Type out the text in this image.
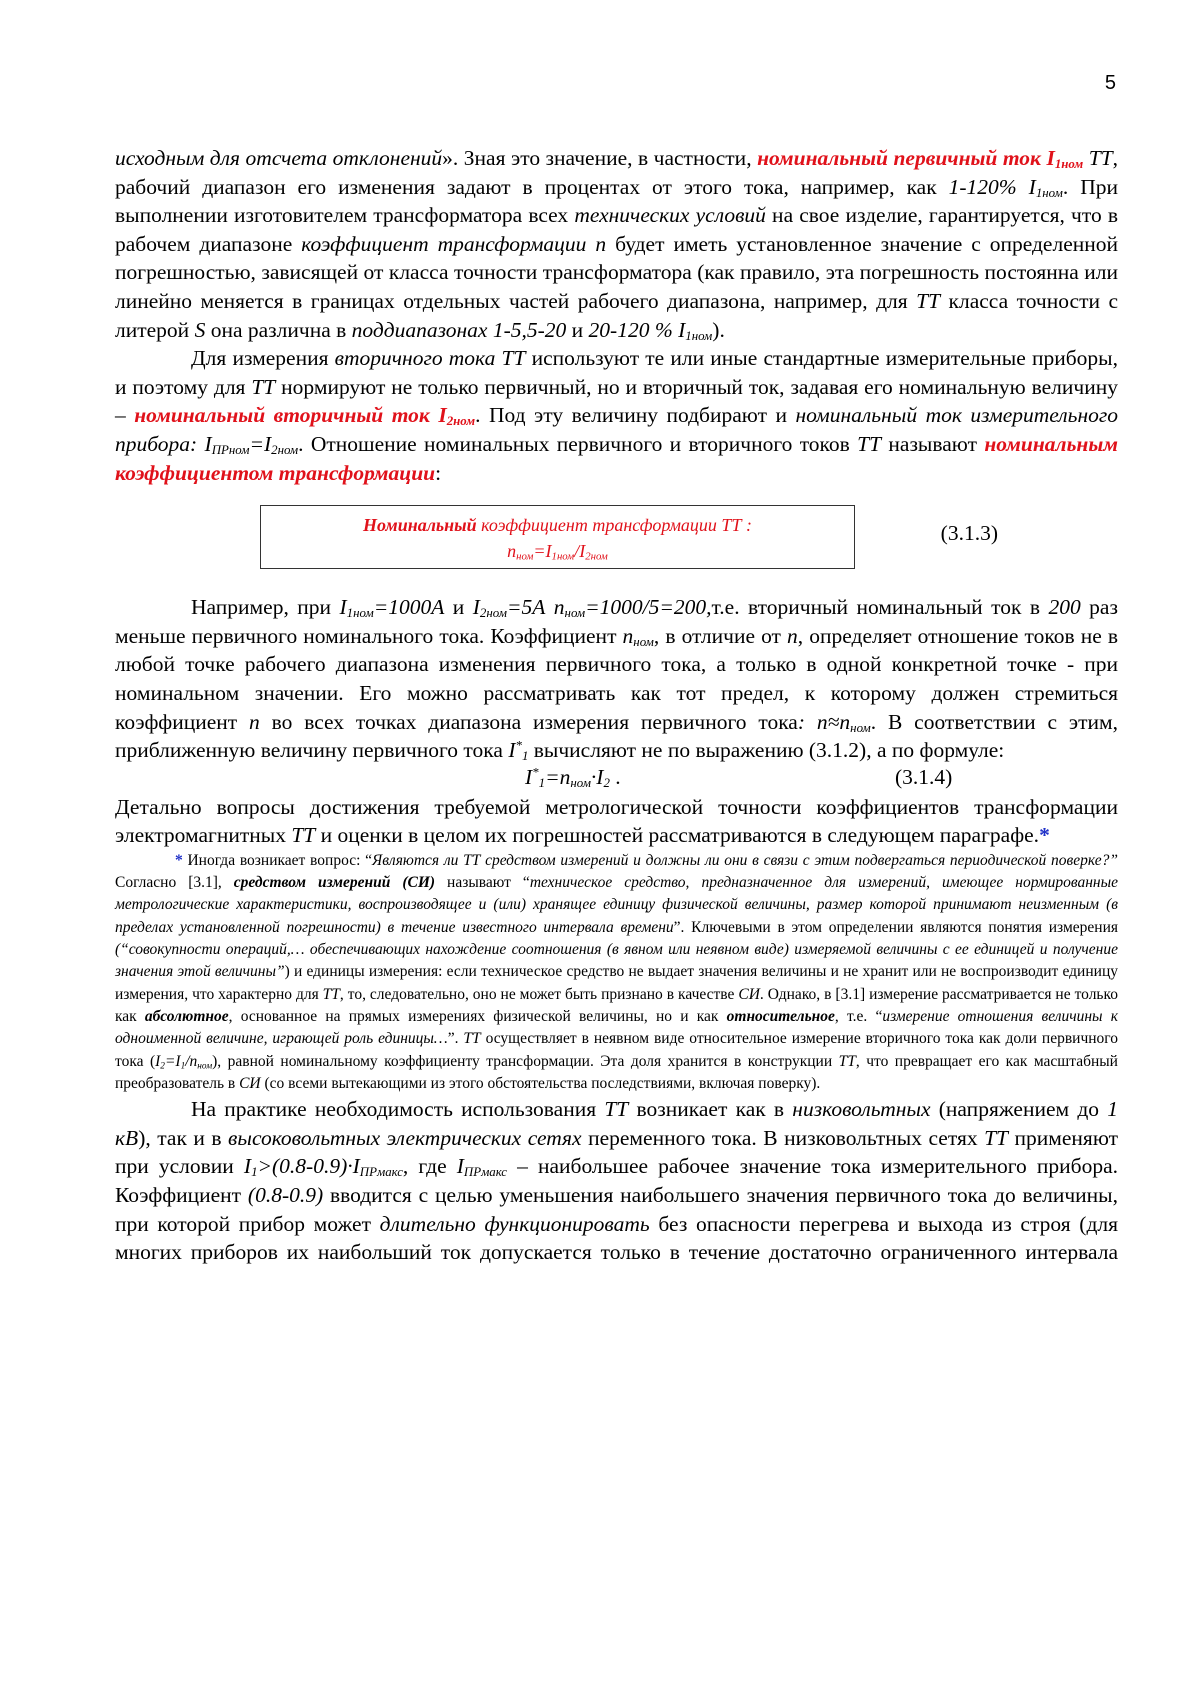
5

исходным для отсчета отклонений». Зная это значение, в частности, номинальный первичный ток $I_{1ном}$ ТТ, рабочий диапазон его изменения задают в процентах от этого тока, например, как 1-120% $I_{1ном}$. При выполнении изготовителем трансформатора всех технических условий на свое изделие, гарантируется, что в рабочем диапазоне коэффициент трансформации n будет иметь установленное значение с определенной погрешностью, зависящей от класса точности трансформатора (как правило, эта погрешность постоянна или линейно меняется в границах отдельных частей рабочего диапазона, например, для ТТ класса точности с литерой S она различна в поддиапазонах 1-5,5-20 и 20-120 % $I_{1ном}$).

Для измерения вторичного тока ТТ используют те или иные стандартные измерительные приборы, и поэтому для ТТ нормируют не только первичный, но и вторичный ток, задавая его номинальную величину – номинальный вторичный ток $I_{2ном}$. Под эту величину подбирают и номинальный ток измерительного прибора: $I_{ПРном}=I_{2ном}$. Отношение номинальных первичного и вторичного токов ТТ называют номинальным коэффициентом трансформации:

Номинальный коэффициент трансформации ТТ :
$n_{ном}=I_{1ном}/I_{2ном}$
(3.1.3)

Например, при $I_{1ном}=1000А$ и $I_{2ном}=5А$ $n_{ном}=1000/5=200,т.е$. вторичный номинальный ток в 200 раз меньше первичного номинального тока. Коэффициент $n_{ном}$, в отличие от n, определяет отношение токов не в любой точке рабочего диапазона изменения первичного тока, а только в одной конкретной точке - при номинальном значении. Его можно рассматривать как тот предел, к которому должен стремиться коэффициент n во всех точках диапазона измерения первичного тока: $n\approx n_{ном}$. В соответствии с этим, приближенную величину первичного тока $I^*_1$ вычисляют не по выражению (3.1.2), а по формуле:

$I^*_1=n_{ном}\cdot I_2$ .	(3.1.4)

Детально вопросы достижения требуемой метрологической точности коэффициентов трансформации электромагнитных ТТ и оценки в целом их погрешностей рассматриваются в следующем параграфе.*

* Иногда возникает вопрос: “Являются ли ТТ средством измерений и должны ли они в связи с этим подвергаться периодической поверке?” Согласно [3.1], средством измерений (СИ) называют “техническое средство, предназначенное для измерений, имеющее нормированные метрологические характеристики, воспроизводящее и (или) хранящее единицу физической величины, размер которой принимают неизменным (в пределах установленной погрешности) в течение известного интервала времени”. Ключевыми в этом определении являются понятия измерения (“совокупности операций,… обеспечивающих нахождение соотношения (в явном или неявном виде) измеряемой величины с ее единицей и получение значения этой величины”) и единицы измерения: если техническое средство не выдает значения величины и не хранит или не воспроизводит единицу измерения, что характерно для ТТ, то, следовательно, оно не может быть признано в качестве СИ. Однако, в [3.1] измерение рассматривается не только как абсолютное, основанное на прямых измерениях физической величины, но и как относительное, т.е. “измерение отношения величины к одноименной величине, играющей роль единицы…”. ТТ осуществляет в неявном виде относительное измерение вторичного тока как доли первичного тока $(I_2=I_1/n_{ном})$, равной номинальному коэффициенту трансформации. Эта доля хранится в конструкции ТТ, что превращает его как масштабный преобразователь в СИ (со всеми вытекающими из этого обстоятельства последствиями, включая поверку).

На практике необходимость использования ТТ возникает как в низковольтных (напряжением до 1 кВ), так и в высоковольтных электрических сетях переменного тока. В низковольтных сетях ТТ применяют при условии $I_1>(0.8-0.9)\cdot I_{ПРмакс}$, где $I_{ПРмакс}$ – наибольшее рабочее значение тока измерительного прибора. Коэффициент (0.8-0.9) вводится с целью уменьшения наибольшего значения первичного тока до величины, при которой прибор может длительно функционировать без опасности перегрева и выхода из строя (для многих приборов их наибольший ток допускается только в течение достаточно ограниченного интервала
